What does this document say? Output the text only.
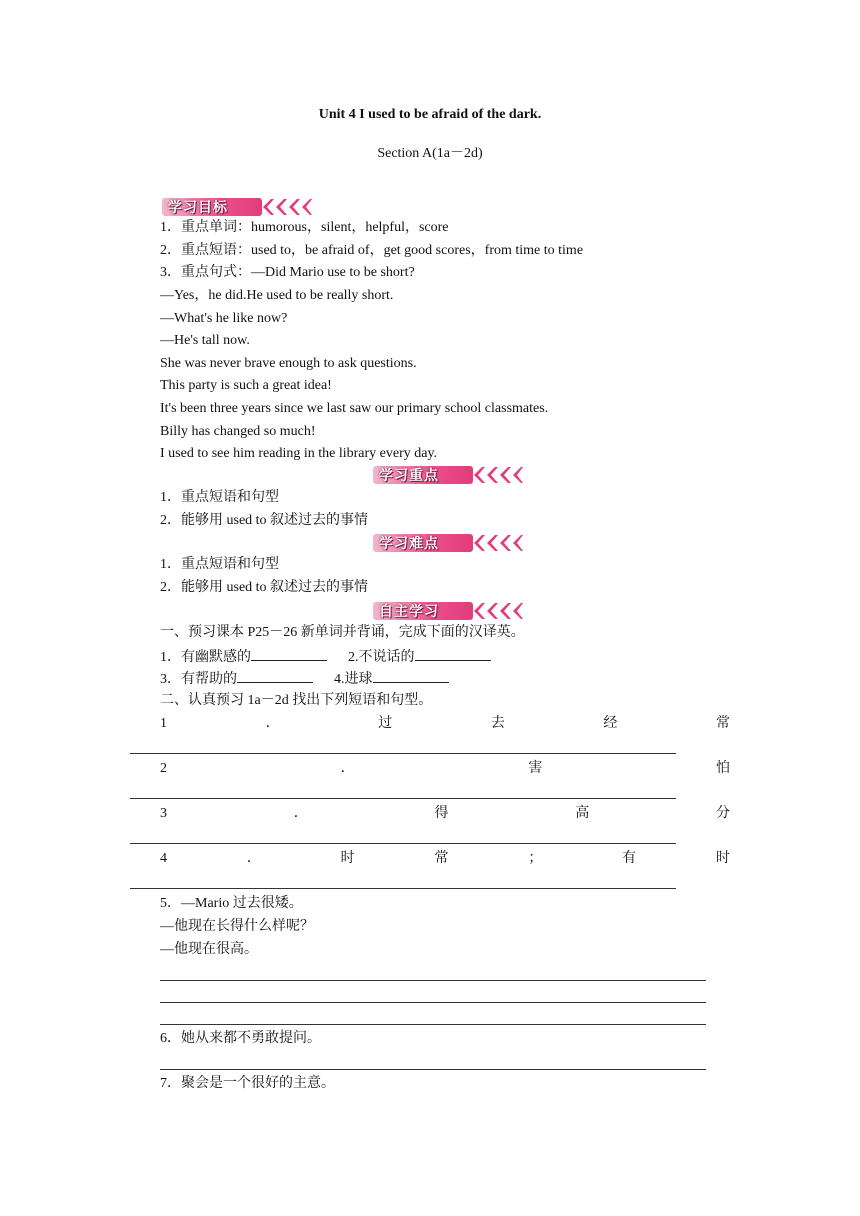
Unit 4 I used to be afraid of the dark.
Section A(1a－2d)
学习目标
1．重点单词：humorous，silent，helpful，score
2．重点短语：used to，be afraid of，get good scores，from time to time
3．重点句式：—Did Mario use to be short?
—Yes，he did.He used to be really short.
—What's he like now?
—He's tall now.
She was never brave enough to ask questions.
This party is such a great idea!
It's been three years since we last saw our primary school classmates.
Billy has changed so much!
I used to see him reading in the library every day.
学习重点
1．重点短语和句型
2．能够用 used to 叙述过去的事情
学习难点
1．重点短语和句型
2．能够用 used to 叙述过去的事情
自主学习
一、预习课本 P25－26 新单词并背诵，完成下面的汉译英。
1．有幽默感的	2.不说话的
3．有帮助的	4.进球
二、认真预习 1a－2d 找出下列短语和句型。
1	．	过	去	经	常
2	．	害	怕
3	．	得	高	分
4	．	时	常	；	有	时
5．—Mario 过去很矮。
—他现在长得什么样呢？
—他现在很高。
6．她从来都不勇敢提问。
7．聚会是一个很好的主意。
